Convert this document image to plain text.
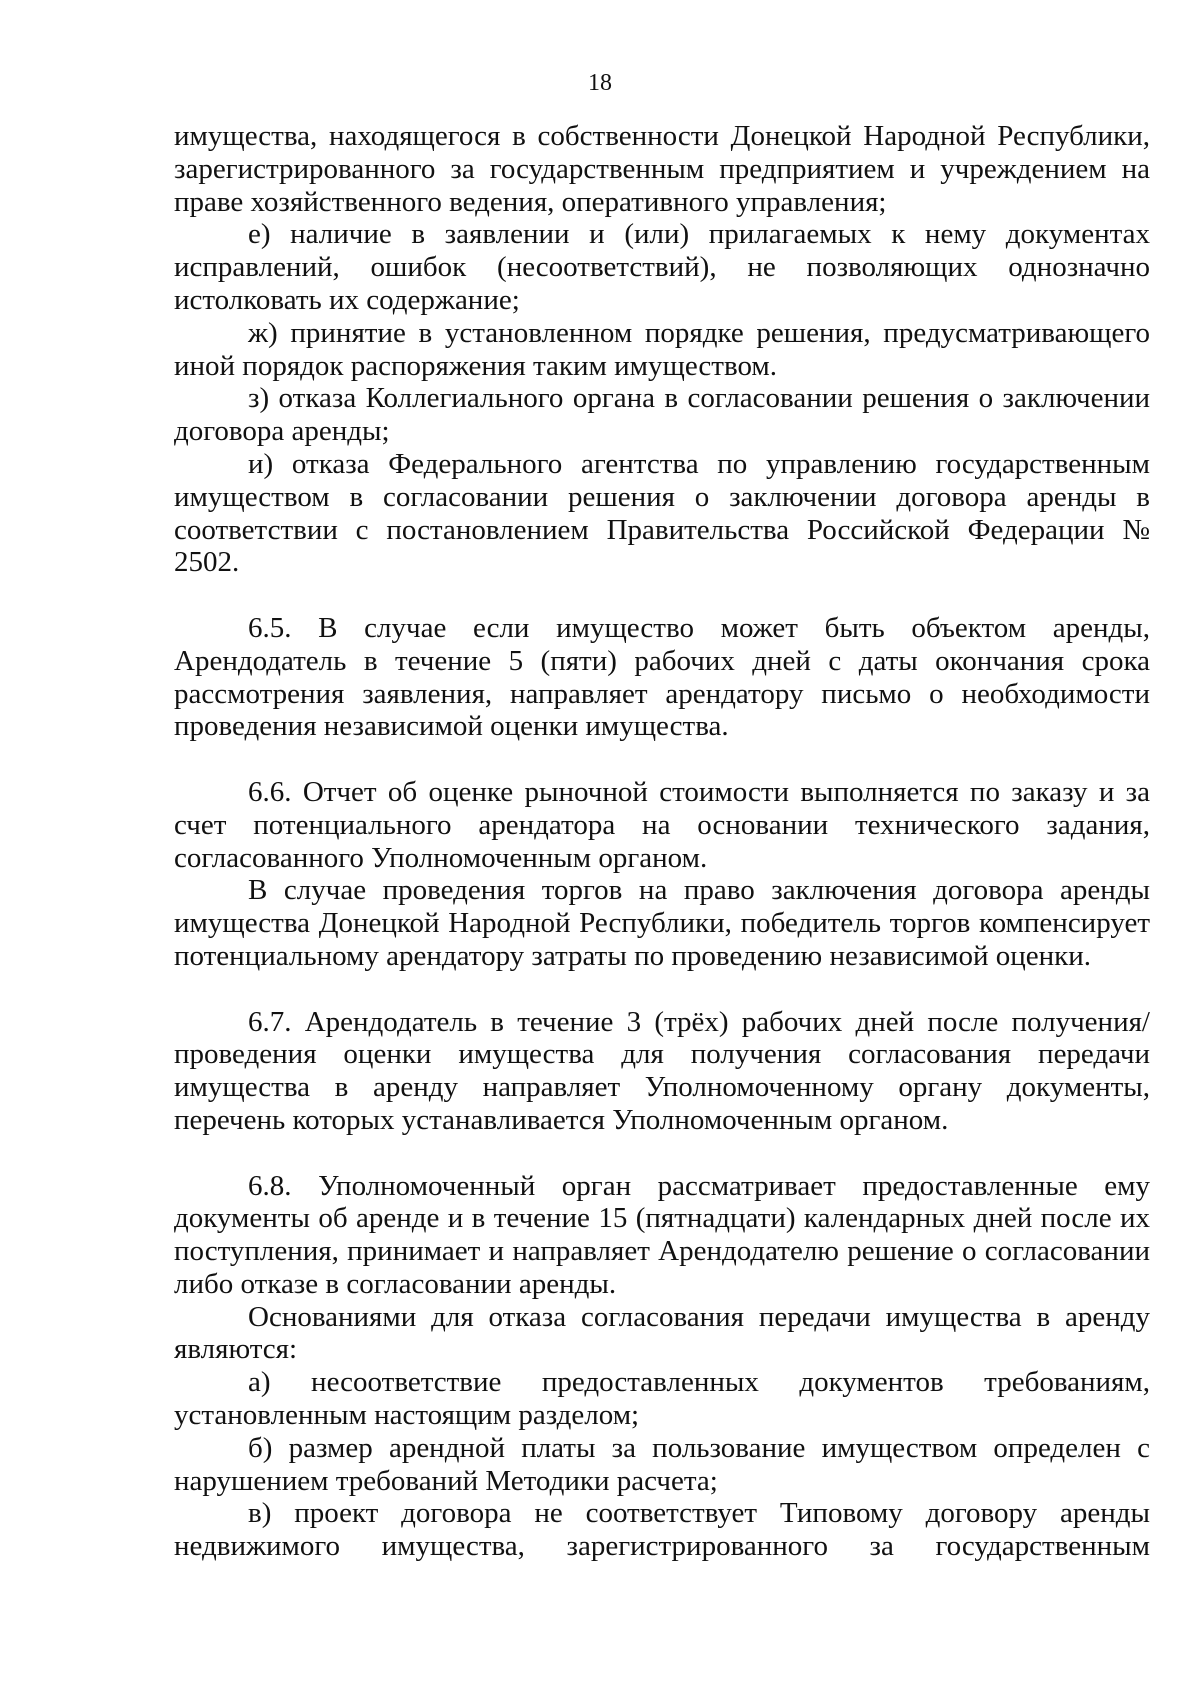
18

имущества, находящегося в собственности Донецкой Народной Республики, зарегистрированного за государственным предприятием и учреждением на праве хозяйственного ведения, оперативного управления;

е) наличие в заявлении и (или) прилагаемых к нему документах исправлений, ошибок (несоответствий), не позволяющих однозначно истолковать их содержание;

ж) принятие в установленном порядке решения, предусматривающего иной порядок распоряжения таким имуществом.

з) отказа Коллегиального органа в согласовании решения о заключении договора аренды;

и) отказа Федерального агентства по управлению государственным имуществом в согласовании решения о заключении договора аренды в соответствии с постановлением Правительства Российской Федерации № 2502.

6.5. В случае если имущество может быть объектом аренды, Арендодатель в течение 5 (пяти) рабочих дней с даты окончания срока рассмотрения заявления, направляет арендатору письмо о необходимости проведения независимой оценки имущества.

6.6. Отчет об оценке рыночной стоимости выполняется по заказу и за счет потенциального арендатора на основании технического задания, согласованного Уполномоченным органом.

В случае проведения торгов на право заключения договора аренды имущества Донецкой Народной Республики, победитель торгов компенсирует потенциальному арендатору затраты по проведению независимой оценки.

6.7. Арендодатель в течение 3 (трёх) рабочих дней после получения/проведения оценки имущества для получения согласования передачи имущества в аренду направляет Уполномоченному органу документы, перечень которых устанавливается Уполномоченным органом.

6.8. Уполномоченный орган рассматривает предоставленные ему документы об аренде и в течение 15 (пятнадцати) календарных дней после их поступления, принимает и направляет Арендодателю решение о согласовании либо отказе в согласовании аренды.

Основаниями для отказа согласования передачи имущества в аренду являются:

а) несоответствие предоставленных документов требованиям, установленным настоящим разделом;

б) размер арендной платы за пользование имуществом определен с нарушением требований Методики расчета;

в) проект договора не соответствует Типовому договору аренды недвижимого имущества, зарегистрированного за государственным
